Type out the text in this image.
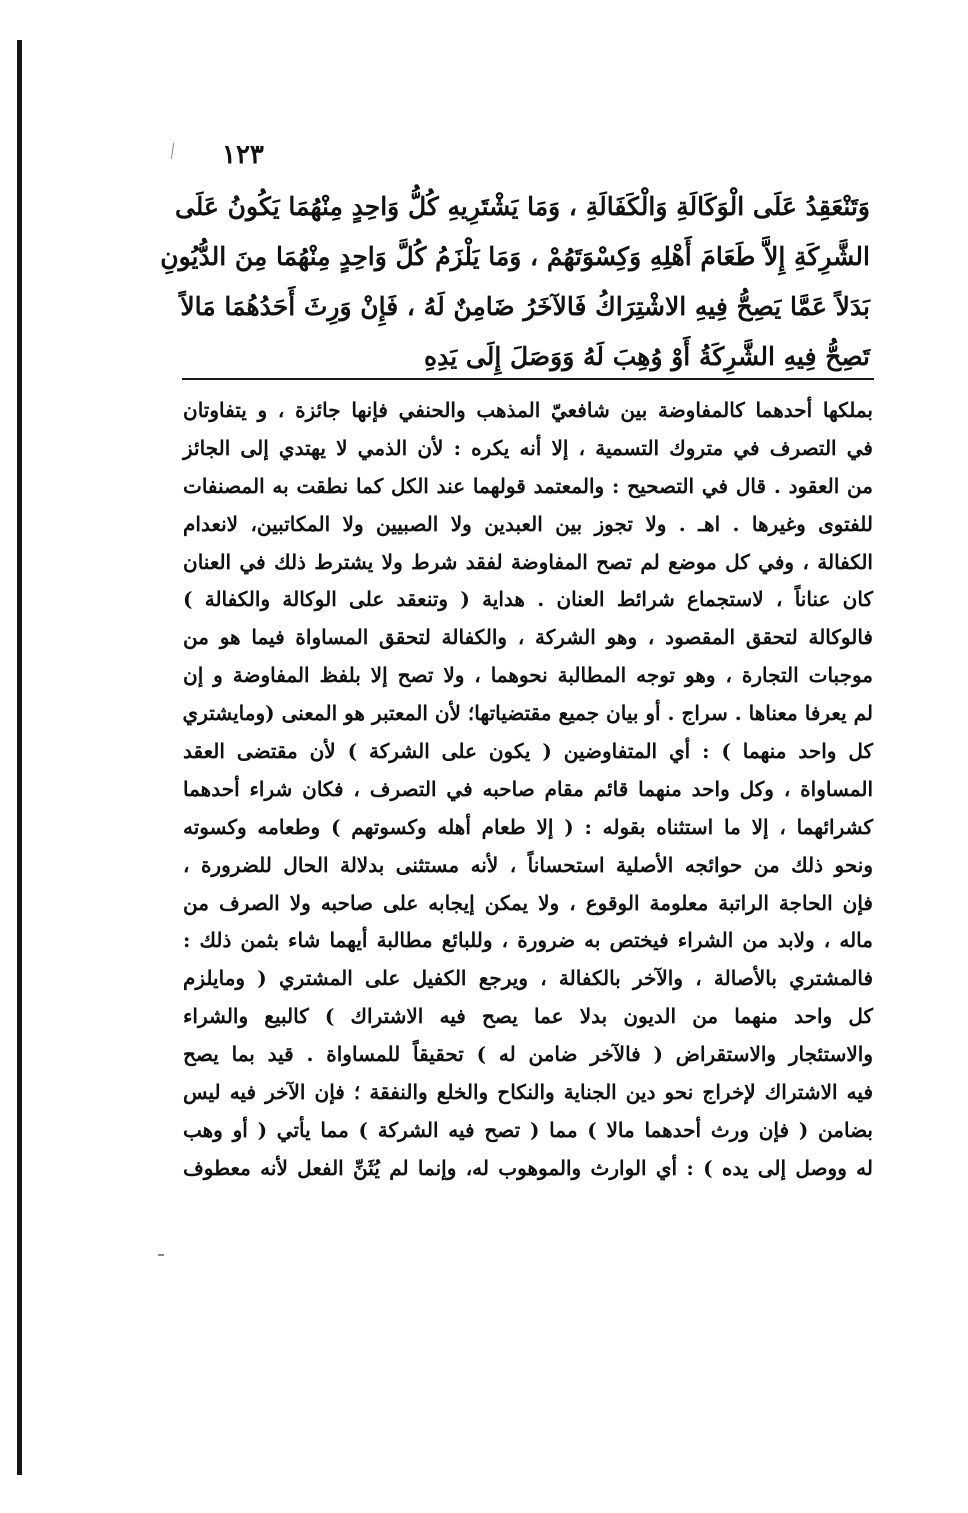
١٢٣
وَتَنْعَقِدُ عَلَى الْوَكَالَةِ وَالْكَفَالَةِ ، وَمَا يَشْتَرِيهِ كُلُّ وَاحِدٍ مِنْهُمَا يَكُونُ عَلَى
الشَّرِكَةِ إِلاَّ طَعَامَ أَهْلِهِ وَكِسْوَتَهُمْ ، وَمَا يَلْزَمُ كُلَّ وَاحِدٍ مِنْهُمَا مِنَ الدُّيُونِ
بَدَلاً عَمَّا يَصِحُّ فِيهِ الاشْتِرَاكُ فَالآخَرُ ضَامِنٌ لَهُ ، فَإِنْ وَرِثَ أَحَدُهُمَا مَالاً
تَصِحُّ فِيهِ الشَّرِكَةُ أَوْ وُهِبَ لَهُ وَوَصَلَ إِلَى يَدِهِ
بملكها أحدهما كالمفاوضة بين شافعيّ المذهب والحنفي فإنها جائزة ، و يتفاوتان
في التصرف في متروك التسمية ، إلا أنه يكره : لأن الذمي لا يهتدي إلى الجائز
من العقود . قال في التصحيح : والمعتمد قولهما عند الكل كما نطقت به المصنفات
للفتوى وغيرها . اهـ . ولا تجوز بين العبدين ولا الصبيين ولا المكاتبين، لانعدام
الكفالة ، وفي كل موضع لم تصح المفاوضة لفقد شرط ولا يشترط ذلك في العنان
كان عناناً ، لاستجماع شرائط العنان . هداية ( وتنعقد على الوكالة والكفالة )
فالوكالة لتحقق المقصود ، وهو الشركة ، والكفالة لتحقق المساواة فيما هو من
موجبات التجارة ، وهو توجه المطالبة نحوهما ، ولا تصح إلا بلفظ المفاوضة و إن
لم يعرفا معناها . سراج . أو بيان جميع مقتضياتها؛ لأن المعتبر هو المعنى (ومايشتري
كل واحد منهما ) : أي المتفاوضين ( يكون على الشركة ) لأن مقتضى العقد
المساواة ، وكل واحد منهما قائم مقام صاحبه في التصرف ، فكان شراء أحدهما
كشرائهما ، إلا ما استثناه بقوله : ( إلا طعام أهله وكسوتهم ) وطعامه وكسوته
ونحو ذلك من حوائجه الأصلية استحساناً ، لأنه مستثنى بدلالة الحال للضرورة ،
فإن الحاجة الراتبة معلومة الوقوع ، ولا يمكن إيجابه على صاحبه ولا الصرف من
ماله ، ولابد من الشراء فيختص به ضرورة ، وللبائع مطالبة أيهما شاء بثمن ذلك :
فالمشتري بالأصالة ، والآخر بالكفالة ، ويرجع الكفيل على المشتري ( ومايلزم
كل واحد منهما من الديون بدلا عما يصح فيه الاشتراك ) كالبيع والشراء
والاستئجار والاستقراض ( فالآخر ضامن له ) تحقيقاً للمساواة . قيد بما يصح
فيه الاشتراك لإخراج نحو دين الجناية والنكاح والخلع والنفقة ؛ فإن الآخر فيه ليس
بضامن ( فإن ورث أحدهما مالا ) مما ( تصح فيه الشركة ) مما يأتي ( أو وهب
له ووصل إلى يده ) : أي الوارث والموهوب له، وإنما لم يُثَنِّ الفعل لأنه معطوف
